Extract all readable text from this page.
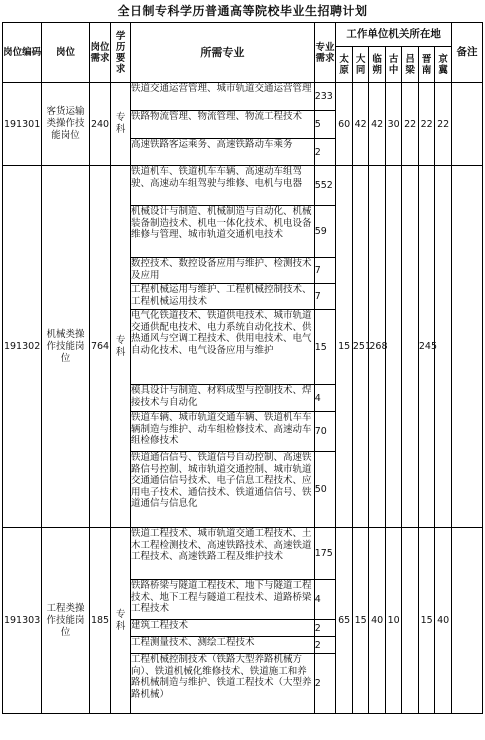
全日制专科学历普通高等院校毕业生招聘计划
岗位编码	岗位	岗位需求	学历要求	所需专业	专业需求	工作单位机关所在地							备注
						太原	大同	临朔	古中	吕梁	晋南	京冀	
191301	客货运输类操作技能岗位	240	专科	铁道交通运营管理、城市轨道交通运营管理	233	60	42	42	30	22	22	22	
				铁路物流管理、物流管理、物流工程技术	5								
				高速铁路客运乘务、高速铁路动车乘务	2								
191302	机械类操作技能岗位	764	专科	铁道机车、铁道机车车辆、高速动车组驾驶、高速动车组驾驶与维修、电机与电器	552	15	251	268			245		
				机械设计与制造、机械制造与自动化、机械装备制造技术、机电一体化技术、机电设备维修与管理、城市轨道交通机电技术	59								
				数控技术、数控设备应用与维护、检测技术及应用	7								
				工程机械运用与维护、工程机械控制技术、工程机械运用技术	7								
				电气化铁道技术、铁道供电技术、城市轨道交通供配电技术、电力系统自动化技术、供热通风与空调工程技术、供用电技术、电气自动化技术、电气设备应用与维护	15								
				模具设计与制造、材料成型与控制技术、焊接技术与自动化	4								
				铁道车辆、城市轨道交通车辆、铁道机车车辆制造与维护、动车组检修技术、高速动车组检修技术	70								
				铁道通信信号、铁道信号自动控制、高速铁路信号控制、城市轨道交通控制、城市轨道交通通信信号技术、电子信息工程技术、应用电子技术、通信技术、铁道通信信号、铁道通信与信息化	50								
191303	工程类操作技能岗位	185	专科	铁道工程技术、城市轨道交通工程技术、土木工程检测技术、高速铁路技术、高速铁道工程技术、高速铁路工程及维护技术	175	65	15	40	10		15	40	
				铁路桥梁与隧道工程技术、地下与隧道工程技术、地下工程与隧道工程技术、道路桥梁工程技术	4								
				建筑工程技术	2								
				工程测量技术、测绘工程技术	2								
				工程机械控制技术（铁路大型养路机械方向）、铁道机械化维修技术、铁道施工和养路机械制造与维护、铁道工程技术（大型养路机械）	2								
